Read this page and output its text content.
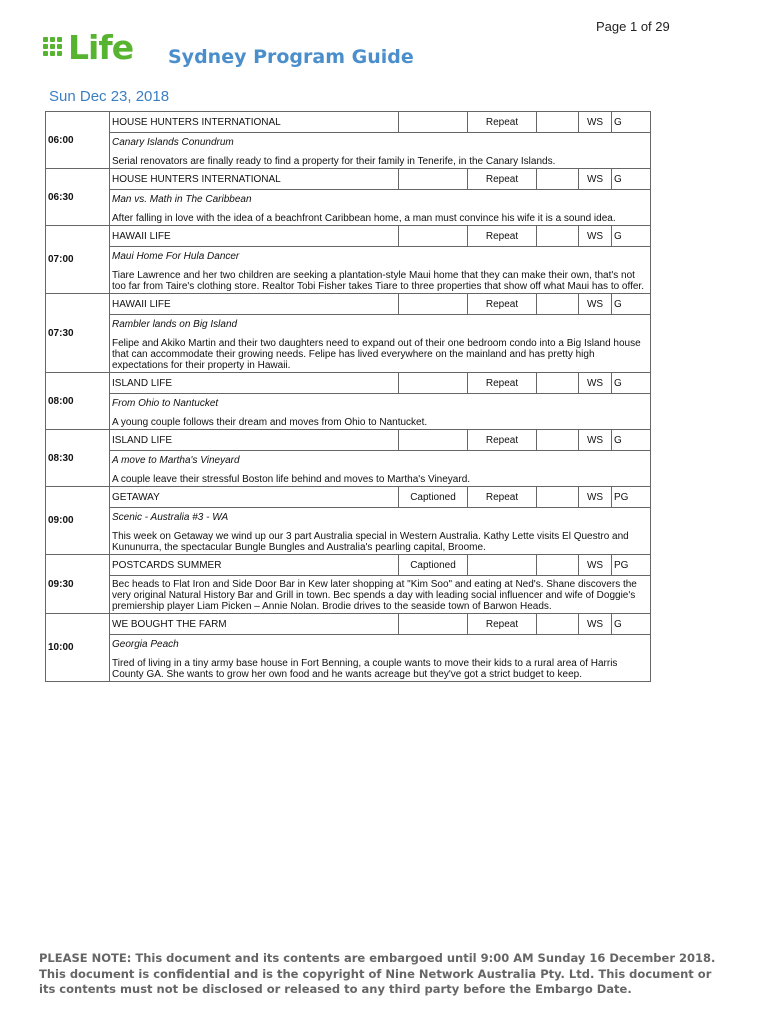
Page 1 of 29
Life Sydney Program Guide
Sun Dec 23, 2018
06:00	HOUSE HUNTERS INTERNATIONAL		Repeat		WS	G

	Canary Islands Conundrum
Serial renovators are finally ready to find a property for their family in Tenerife, in the Canary Islands.					

06:30	HOUSE HUNTERS INTERNATIONAL		Repeat		WS	G

	Man vs. Math in The Caribbean
After falling in love with the idea of a beachfront Caribbean home, a man must convince his wife it is a sound idea.					

07:00	HAWAII LIFE		Repeat		WS	G

	Maui Home For Hula Dancer
Tiare Lawrence and her two children are seeking a plantation-style Maui home that they can make their own, that's not too far from Taire's clothing store. Realtor Tobi Fisher takes Tiare to three properties that show off what Maui has to offer.					

07:30	HAWAII LIFE		Repeat		WS	G

	Rambler lands on Big Island
Felipe and Akiko Martin and their two daughters need to expand out of their one bedroom condo into a Big Island house that can accommodate their growing needs. Felipe has lived everywhere on the mainland and has pretty high expectations for their property in Hawaii.					

08:00	ISLAND LIFE		Repeat		WS	G

	From Ohio to Nantucket
A young couple follows their dream and moves from Ohio to Nantucket.					

08:30	ISLAND LIFE		Repeat		WS	G

	A move to Martha's Vineyard
A couple leave their stressful Boston life behind and moves to Martha's Vineyard.					

09:00	GETAWAY	Captioned	Repeat		WS	PG

	Scenic - Australia #3 - WA
This week on Getaway we wind up our 3 part Australia special in Western Australia. Kathy Lette visits El Questro and Kununurra, the spectacular Bungle Bungles and Australia's pearling capital, Broome.					

09:30	POSTCARDS SUMMER	Captioned			WS	PG

	Bec heads to Flat Iron and Side Door Bar in Kew later shopping at "Kim Soo" and eating at Ned's. Shane discovers the very original Natural History Bar and Grill in town. Bec spends a day with leading social influencer and wife of Doggie's premiership player Liam Picken – Annie Nolan. Brodie drives to the seaside town of Barwon Heads.					

10:00	WE BOUGHT THE FARM		Repeat		WS	G

	Georgia Peach
Tired of living in a tiny army base house in Fort Benning, a couple wants to move their kids to a rural area of Harris County GA. She wants to grow her own food and he wants acreage but they've got a strict budget to keep.					
PLEASE NOTE: This document and its contents are embargoed until 9:00 AM Sunday 16 December 2018.
This document is confidential and is the copyright of Nine Network Australia Pty. Ltd. This document or
its contents must not be disclosed or released to any third party before the Embargo Date.
